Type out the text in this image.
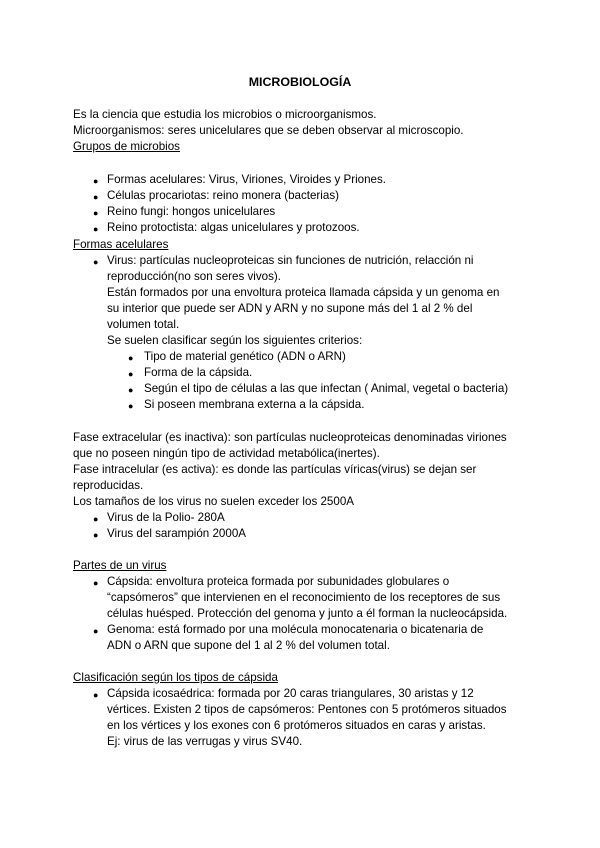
MICROBIOLOGÍA
Es la ciencia que estudia los microbios o microorganismos.
Microorganismos: seres unicelulares que se deben observar al microscopio.
Grupos de microbios
● Formas acelulares: Virus, Viriones, Viroides y Priones.
● Células procariotas: reino monera (bacterias)
● Reino fungi: hongos unicelulares
● Reino protoctista: algas unicelulares y protozoos.
Formas acelulares
● Virus: partículas nucleoproteicas sin funciones de nutrición, relacción ni
reproducción(no son seres vivos).
Están formados por una envoltura proteica llamada cápsida y un genoma en
su interior que puede ser ADN y ARN y no supone más del 1 al 2 % del
volumen total.
Se suelen clasificar según los siguientes criterios:
● Tipo de material genético (ADN o ARN)
● Forma de la cápsida.
● Según el tipo de células a las que infectan ( Animal, vegetal o bacteria)
● Si poseen membrana externa a la cápsida.
Fase extracelular (es inactiva): son partículas nucleoproteicas denominadas viriones
que no poseen ningún tipo de actividad metabólica(inertes).
Fase intracelular (es activa): es donde las partículas víricas(virus) se dejan ser
reproducidas.
Los tamaños de los virus no suelen exceder los 2500A
● Virus de la Polio- 280A
● Virus del sarampión 2000A
Partes de un virus
● Cápsida: envoltura proteica formada por subunidades globulares o
“capsómeros” que intervienen en el reconocimiento de los receptores de sus
células huésped. Protección del genoma y junto a él forman la nucleocápsida.
● Genoma: está formado por una molécula monocatenaria o bicatenaria de
ADN o ARN que supone del 1 al 2 % del volumen total.
Clasificación según los tipos de cápsida
● Cápsida icosaédrica: formada por 20 caras triangulares, 30 aristas y 12
vértices. Existen 2 tipos de capsómeros: Pentones con 5 protómeros situados
en los vértices y los exones con 6 protómeros situados en caras y aristas.
Ej: virus de las verrugas y virus SV40.
